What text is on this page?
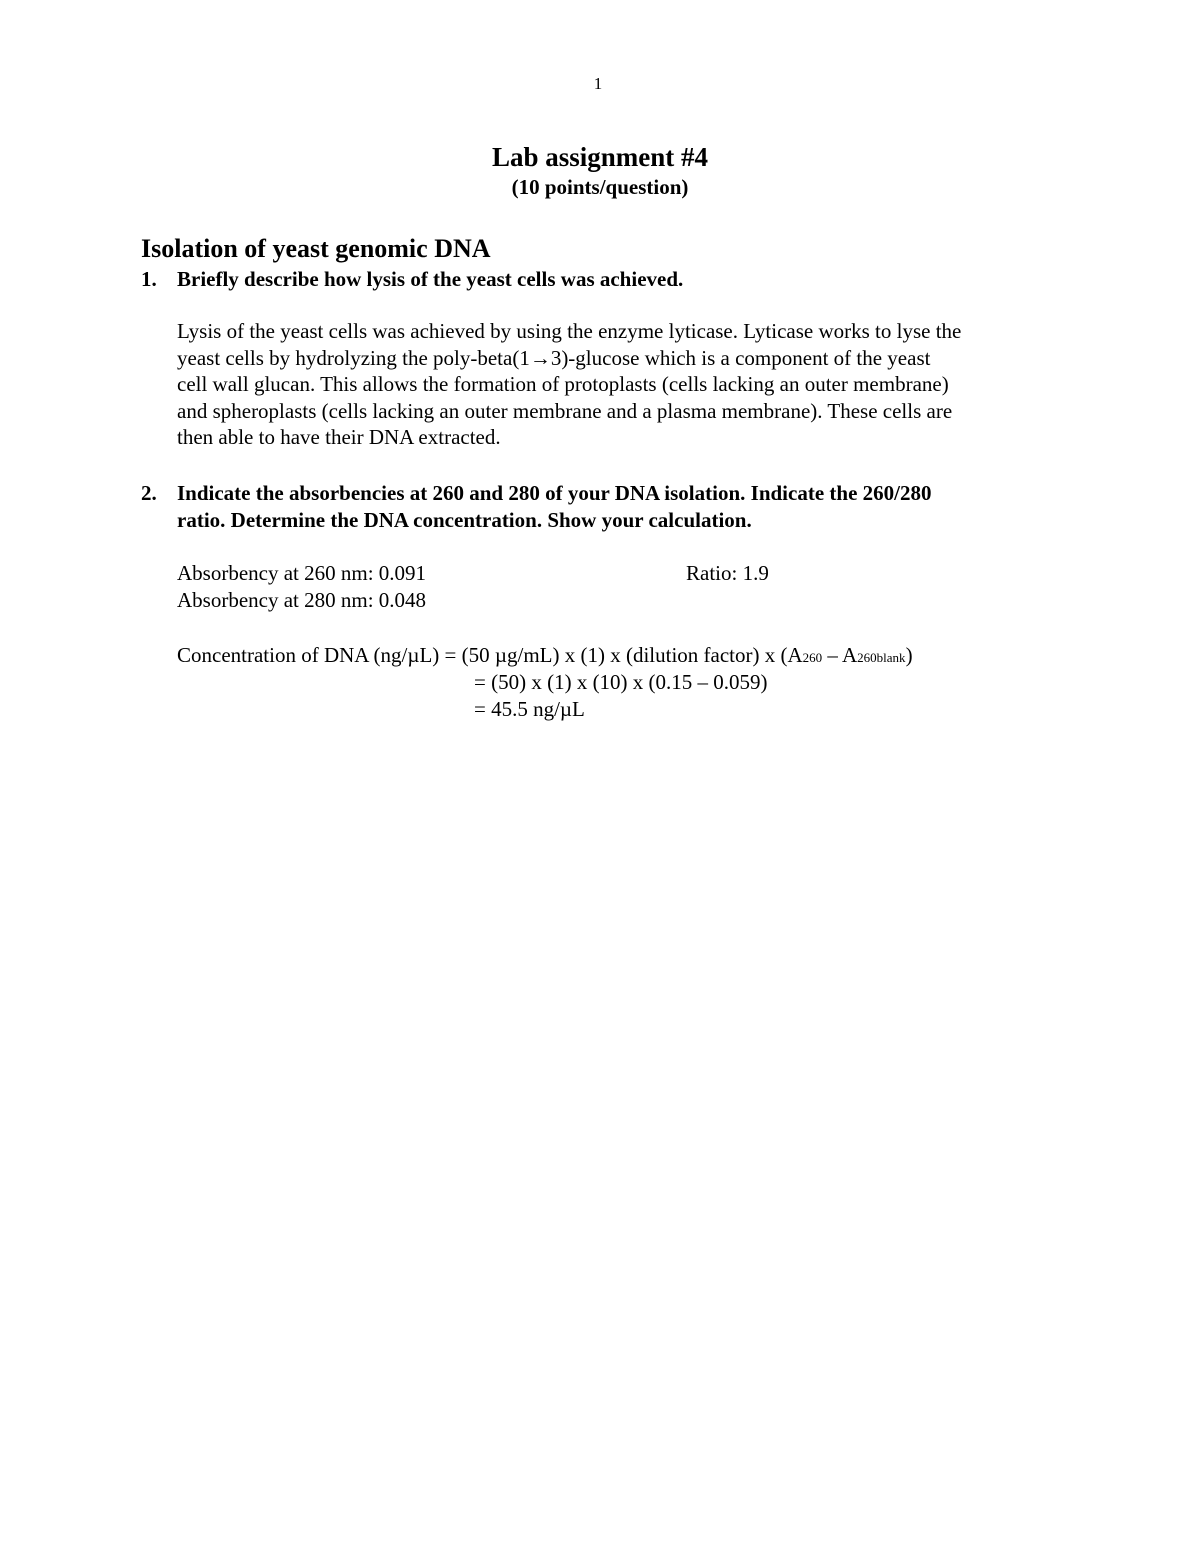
1
Lab assignment #4
(10 points/question)
Isolation of yeast genomic DNA
1. Briefly describe how lysis of the yeast cells was achieved.
Lysis of the yeast cells was achieved by using the enzyme lyticase. Lyticase works to lyse the
yeast cells by hydrolyzing the poly-beta(1→3)-glucose which is a component of the yeast
cell wall glucan. This allows the formation of protoplasts (cells lacking an outer membrane)
and spheroplasts (cells lacking an outer membrane and a plasma membrane). These cells are
then able to have their DNA extracted.
2. Indicate the absorbencies at 260 and 280 of your DNA isolation. Indicate the 260/280
ratio. Determine the DNA concentration. Show your calculation.
Absorbency at 260 nm: 0.091	Ratio: 1.9
Absorbency at 280 nm: 0.048
Concentration of DNA (ng/µL) = (50 µg/mL) x (1) x (dilution factor) x (A260 – A260blank)
= (50) x (1) x (10) x (0.15 – 0.059)
= 45.5 ng/µL
